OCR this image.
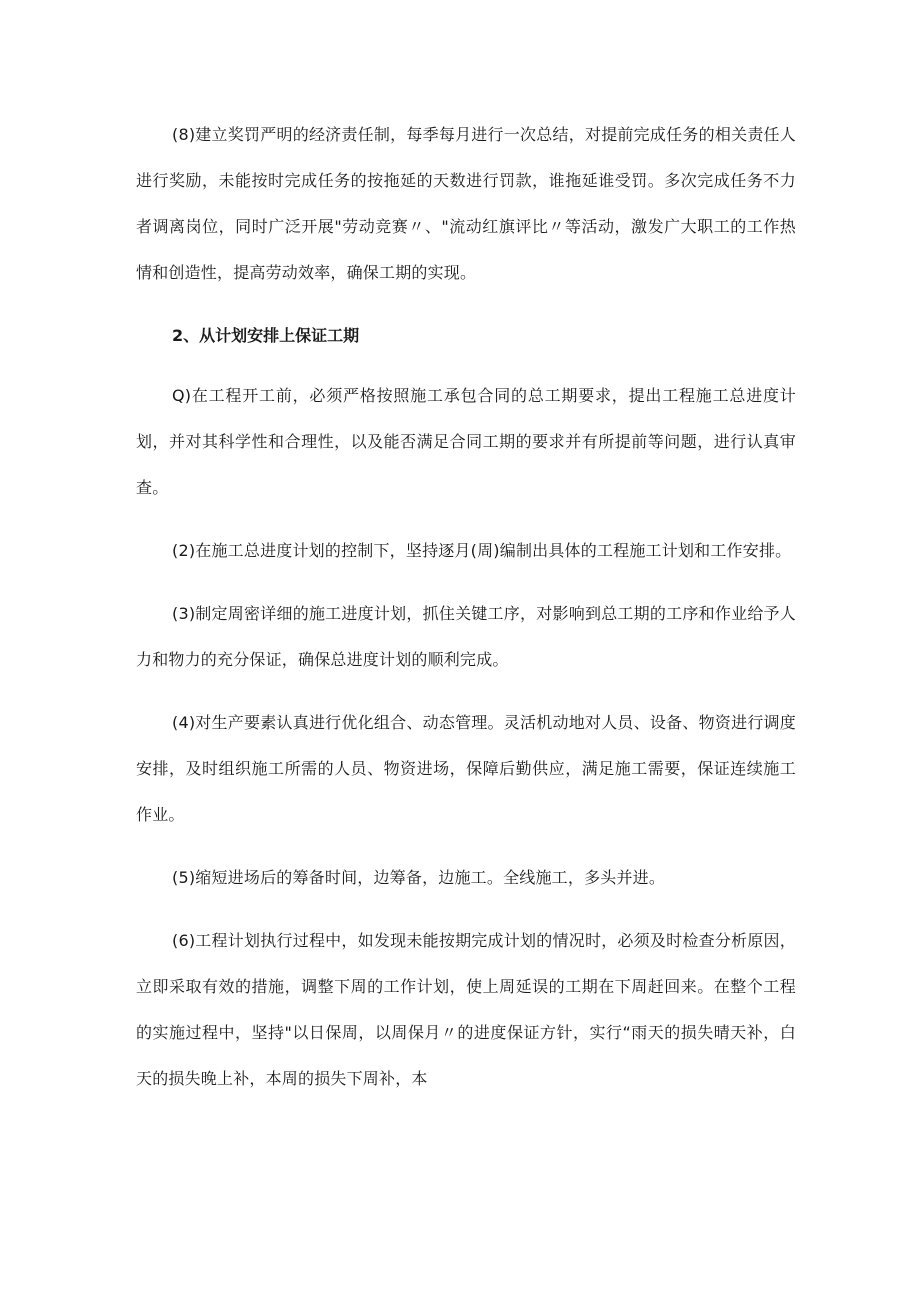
(8)建立奖罚严明的经济责任制，每季每月进行一次总结，对提前完成任务的相关责任人进行奖励，未能按时完成任务的按拖延的天数进行罚款，谁拖延谁受罚。多次完成任务不力者调离岗位，同时广泛开展"劳动竞赛〃、"流动红旗评比〃等活动，激发广大职工的工作热情和创造性，提高劳动效率，确保工期的实现。

2、从计划安排上保证工期

Q)在工程开工前，必须严格按照施工承包合同的总工期要求，提出工程施工总进度计划，并对其科学性和合理性，以及能否满足合同工期的要求并有所提前等问题，进行认真审查。

(2)在施工总进度计划的控制下，坚持逐月(周)编制出具体的工程施工计划和工作安排。

(3)制定周密详细的施工进度计划，抓住关键工序，对影响到总工期的工序和作业给予人力和物力的充分保证，确保总进度计划的顺利完成。

(4)对生产要素认真进行优化组合、动态管理。灵活机动地对人员、设备、物资进行调度安排，及时组织施工所需的人员、物资进场，保障后勤供应，满足施工需要，保证连续施工作业。

(5)缩短进场后的筹备时间，边筹备，边施工。全线施工，多头并进。

(6)工程计划执行过程中，如发现未能按期完成计划的情况时，必须及时检查分析原因，立即采取有效的措施，调整下周的工作计划，使上周延误的工期在下周赶回来。在整个工程的实施过程中，坚持"以日保周，以周保月〃的进度保证方针，实行“雨天的损失晴天补，白天的损失晚上补，本周的损失下周补，本
